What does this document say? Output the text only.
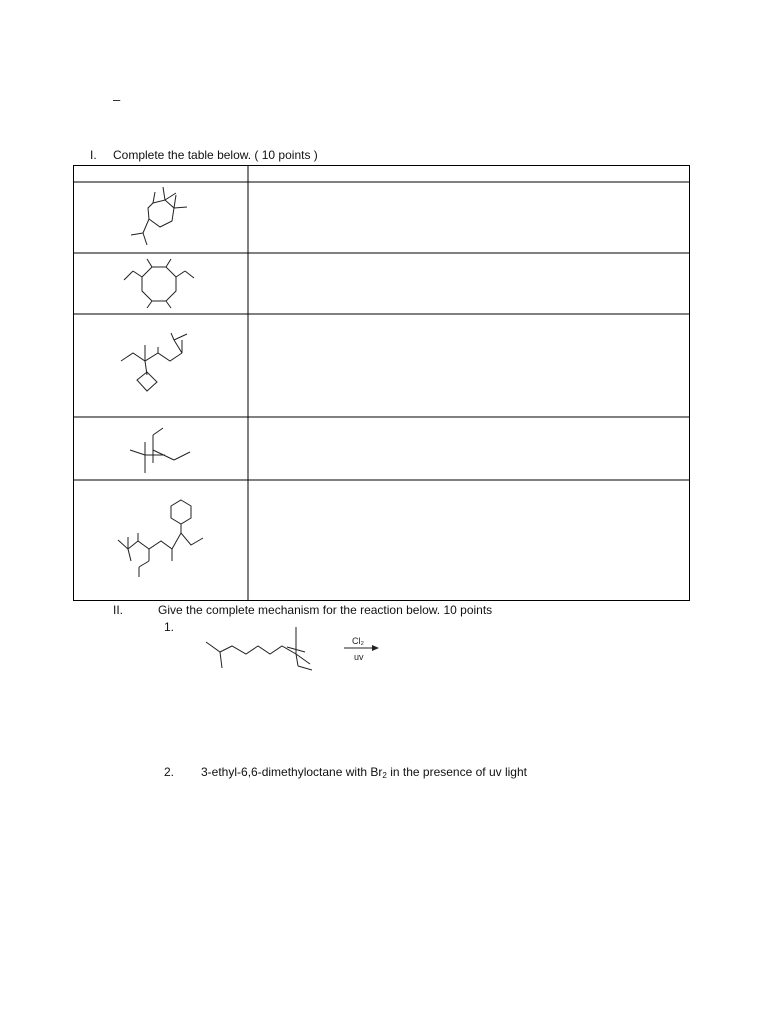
–
I. Complete the table below. ( 10 points )
II.	Give the complete mechanism for the reaction below. 10 points
1.
Cl₂
uv
2. 3-ethyl-6,6-dimethyloctane with $Br_2$ in the presence of uv light
